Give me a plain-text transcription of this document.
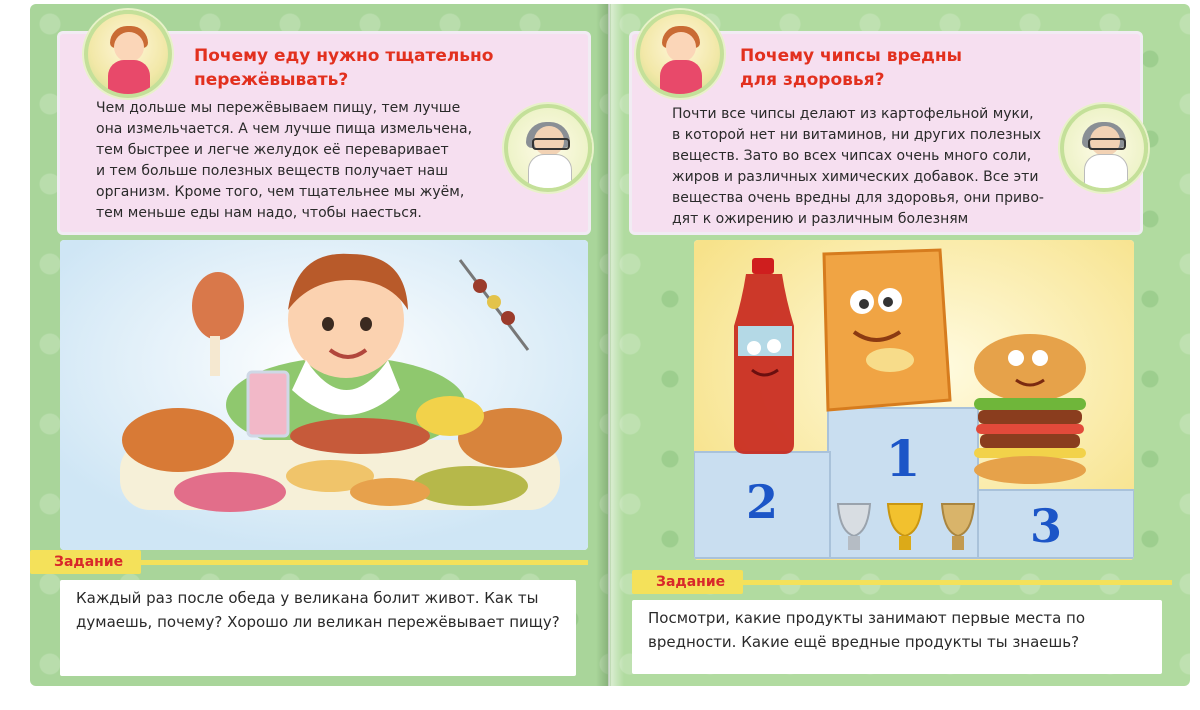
Почему еду нужно тщательно пережёвывать?
Чем дольше мы пережёвываем пищу, тем лучше
она измельчается. А чем лучше пища измельчена,
тем быстрее и легче желудок её переваривает
и тем больше полезных веществ получает наш
организм. Кроме того, чем тщательнее мы жуём,
тем меньше еды нам надо, чтобы наесться.
Задание
Каждый раз после обеда у великана болит живот. Как ты думаешь, почему? Хорошо ли великан пережёвывает пищу?
Почему чипсы вредны для здоровья?
Почти все чипсы делают из картофельной муки,
в которой нет ни витаминов, ни других полезных
веществ. Зато во всех чипсах очень много соли,
жиров и различных химических добавок. Все эти
вещества очень вредны для здоровья, они приво-
дят к ожирению и различным болезням
1
2	3
Задание
Посмотри, какие продукты занимают первые места по вредности. Какие ещё вредные продукты ты знаешь?
